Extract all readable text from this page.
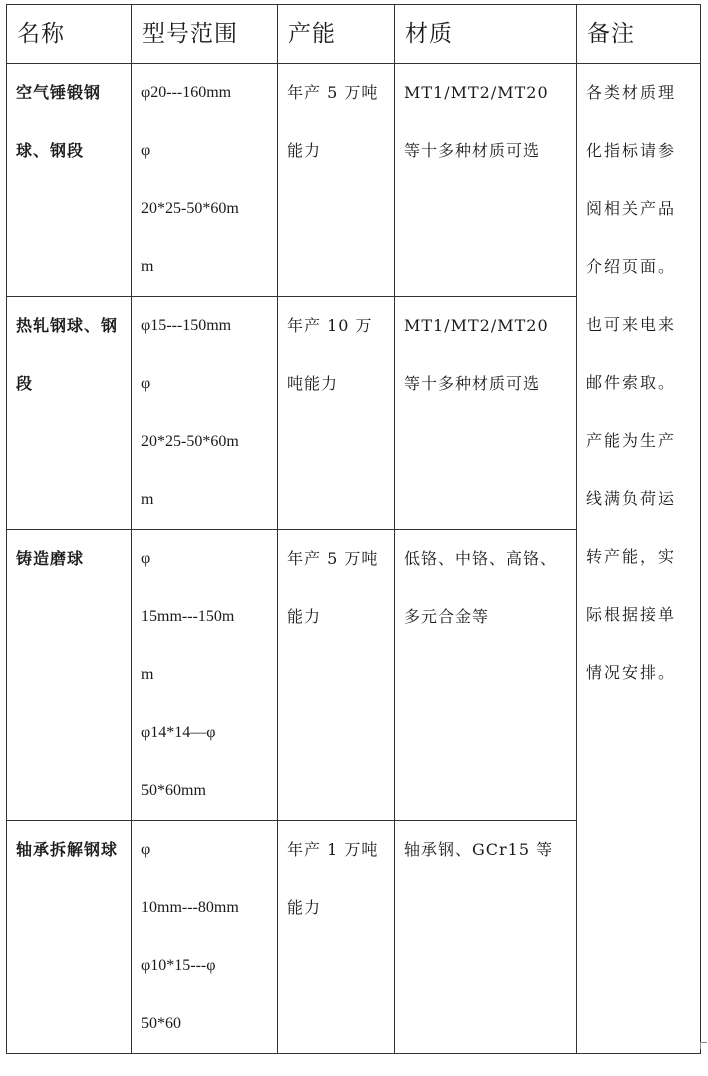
名称	型号范围	产能	材质	备注

空气锤锻钢球、钢段	φ20---160mm
φ
20*25-50*60m
m	年产 5 万吨能力	MT1/MT2/MT20
等十多种材质可选	各类材质理化指标请参阅相关产品介绍页面。也可来电来邮件索取。产能为生产线满负荷运转产能，实际根据接单情况安排。

热轧钢球、钢段	φ15---150mm
φ
20*25-50*60m
m	年产 10 万吨能力	MT1/MT2/MT20
等十多种材质可选	

铸造磨球	φ
15mm---150m
m
φ14*14—φ
50*60mm	年产 5 万吨能力	低铬、中铬、高铬、多元合金等	

轴承拆解钢球	φ
10mm---80mm
φ10*15---φ
50*60	年产 1 万吨能力	轴承钢、GCr15 等	
